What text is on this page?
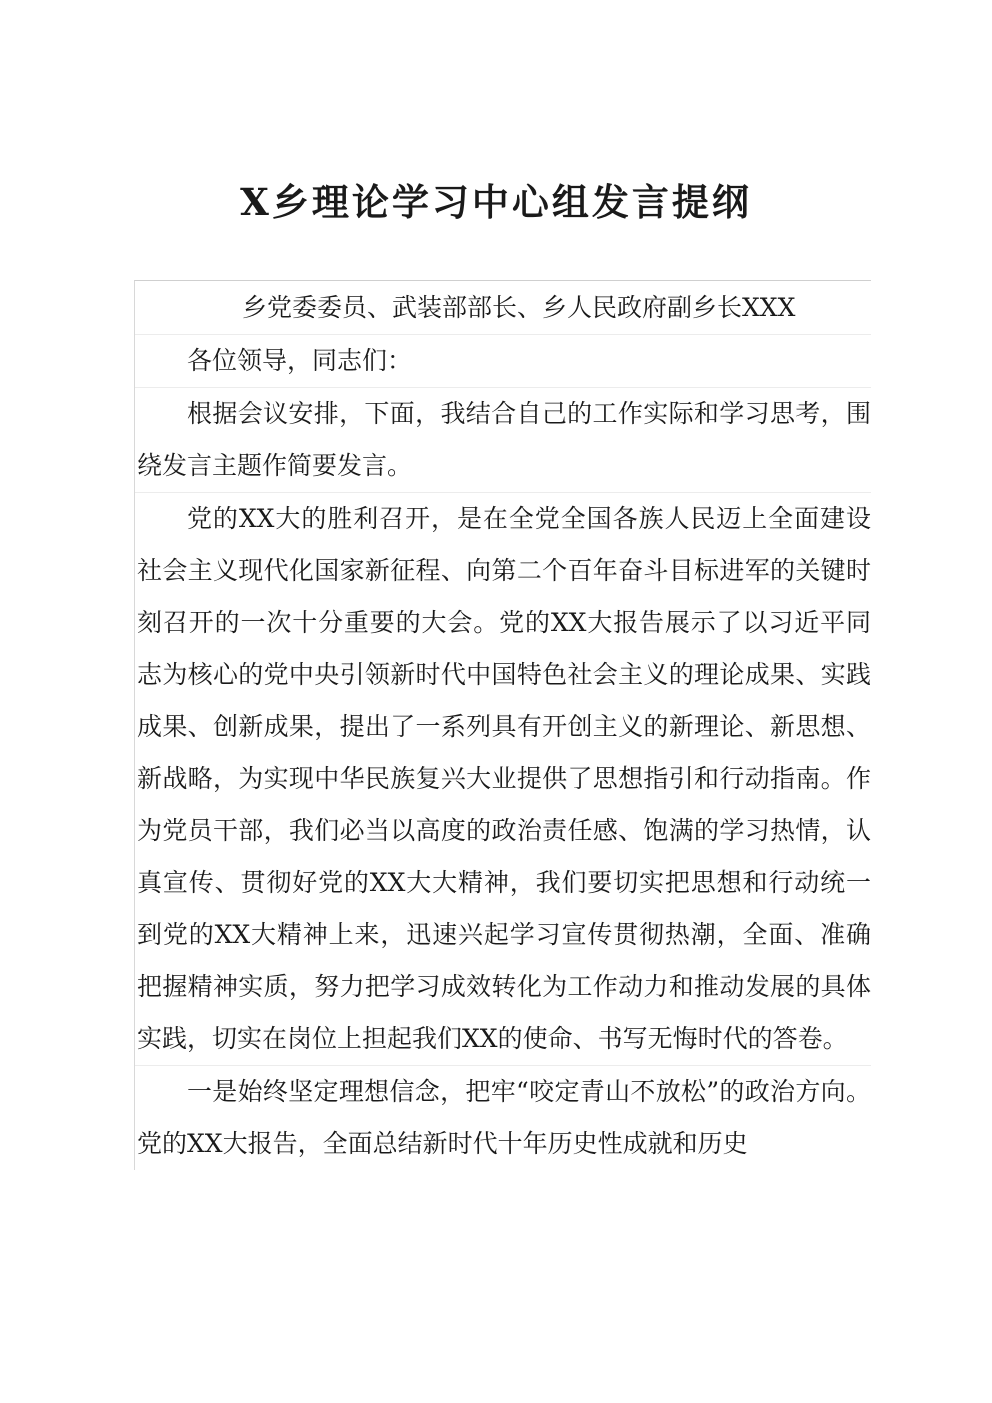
X乡理论学习中心组发言提纲
乡党委委员、武装部部长、乡人民政府副乡长XXX
各位领导，同志们：
根据会议安排，下面，我结合自己的工作实际和学习思考，围绕发言主题作简要发言。
党的XX大的胜利召开，是在全党全国各族人民迈上全面建设社会主义现代化国家新征程、向第二个百年奋斗目标进军的关键时刻召开的一次十分重要的大会。党的XX大报告展示了以习近平同志为核心的党中央引领新时代中国特色社会主义的理论成果、实践成果、创新成果，提出了一系列具有开创主义的新理论、新思想、新战略，为实现中华民族复兴大业提供了思想指引和行动指南。作为党员干部，我们必当以高度的政治责任感、饱满的学习热情，认真宣传、贯彻好党的XX大大精神，我们要切实把思想和行动统一到党的XX大精神上来，迅速兴起学习宣传贯彻热潮，全面、准确把握精神实质，努力把学习成效转化为工作动力和推动发展的具体实践，切实在岗位上担起我们XX的使命、书写无悔时代的答卷。
一是始终坚定理想信念，把牢“咬定青山不放松”的政治方向。党的XX大报告，全面总结新时代十年历史性成就和历史
